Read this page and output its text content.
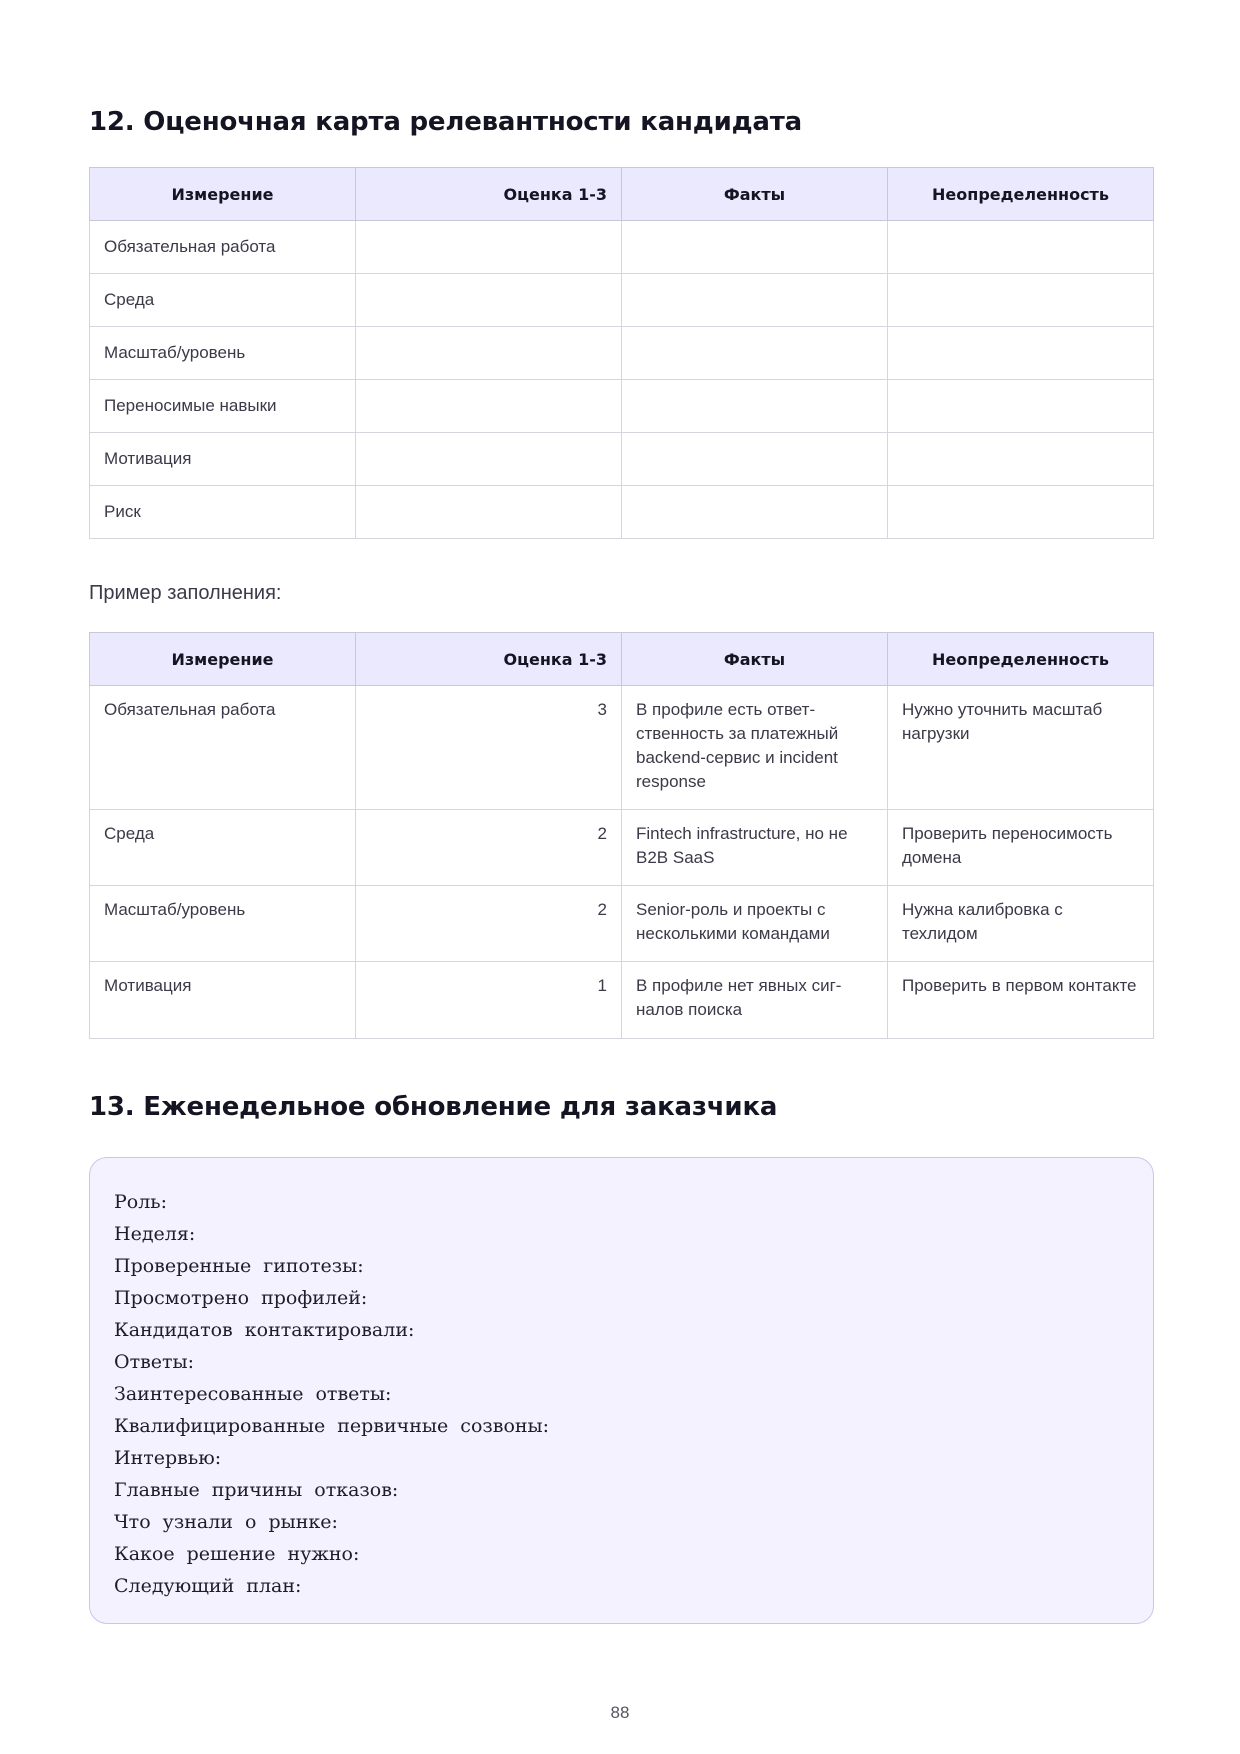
12. Оценочная карта релевантности кандидата
Измерение	Оценка 1-3	Факты	Неопределенность
Обязательная работа			
Среда			
Масштаб/уровень			
Переносимые навыки			
Мотивация			
Риск			
Пример заполнения:
Измерение	Оценка 1-3	Факты	Неопределенность
Обязательная работа	3	В профиле есть ответ-ственность за платежный backend-сервис и incident response	Нужно уточнить масштаб нагрузки
Среда	2	Fintech infrastructure, но не B2B SaaS	Проверить переносимость домена
Масштаб/уровень	2	Senior-роль и проекты с несколькими командами	Нужна калибровка с техлидом
Мотивация	1	В профиле нет явных сиг-налов поиска	Проверить в первом контакте
13. Еженедельное обновление для заказчика
Роль:
Неделя:
Проверенные гипотезы:
Просмотрено профилей:
Кандидатов контактировали:
Ответы:
Заинтересованные ответы:
Квалифицированные первичные созвоны:
Интервью:
Главные причины отказов:
Что узнали о рынке:
Какое решение нужно:
Следующий план:
88
